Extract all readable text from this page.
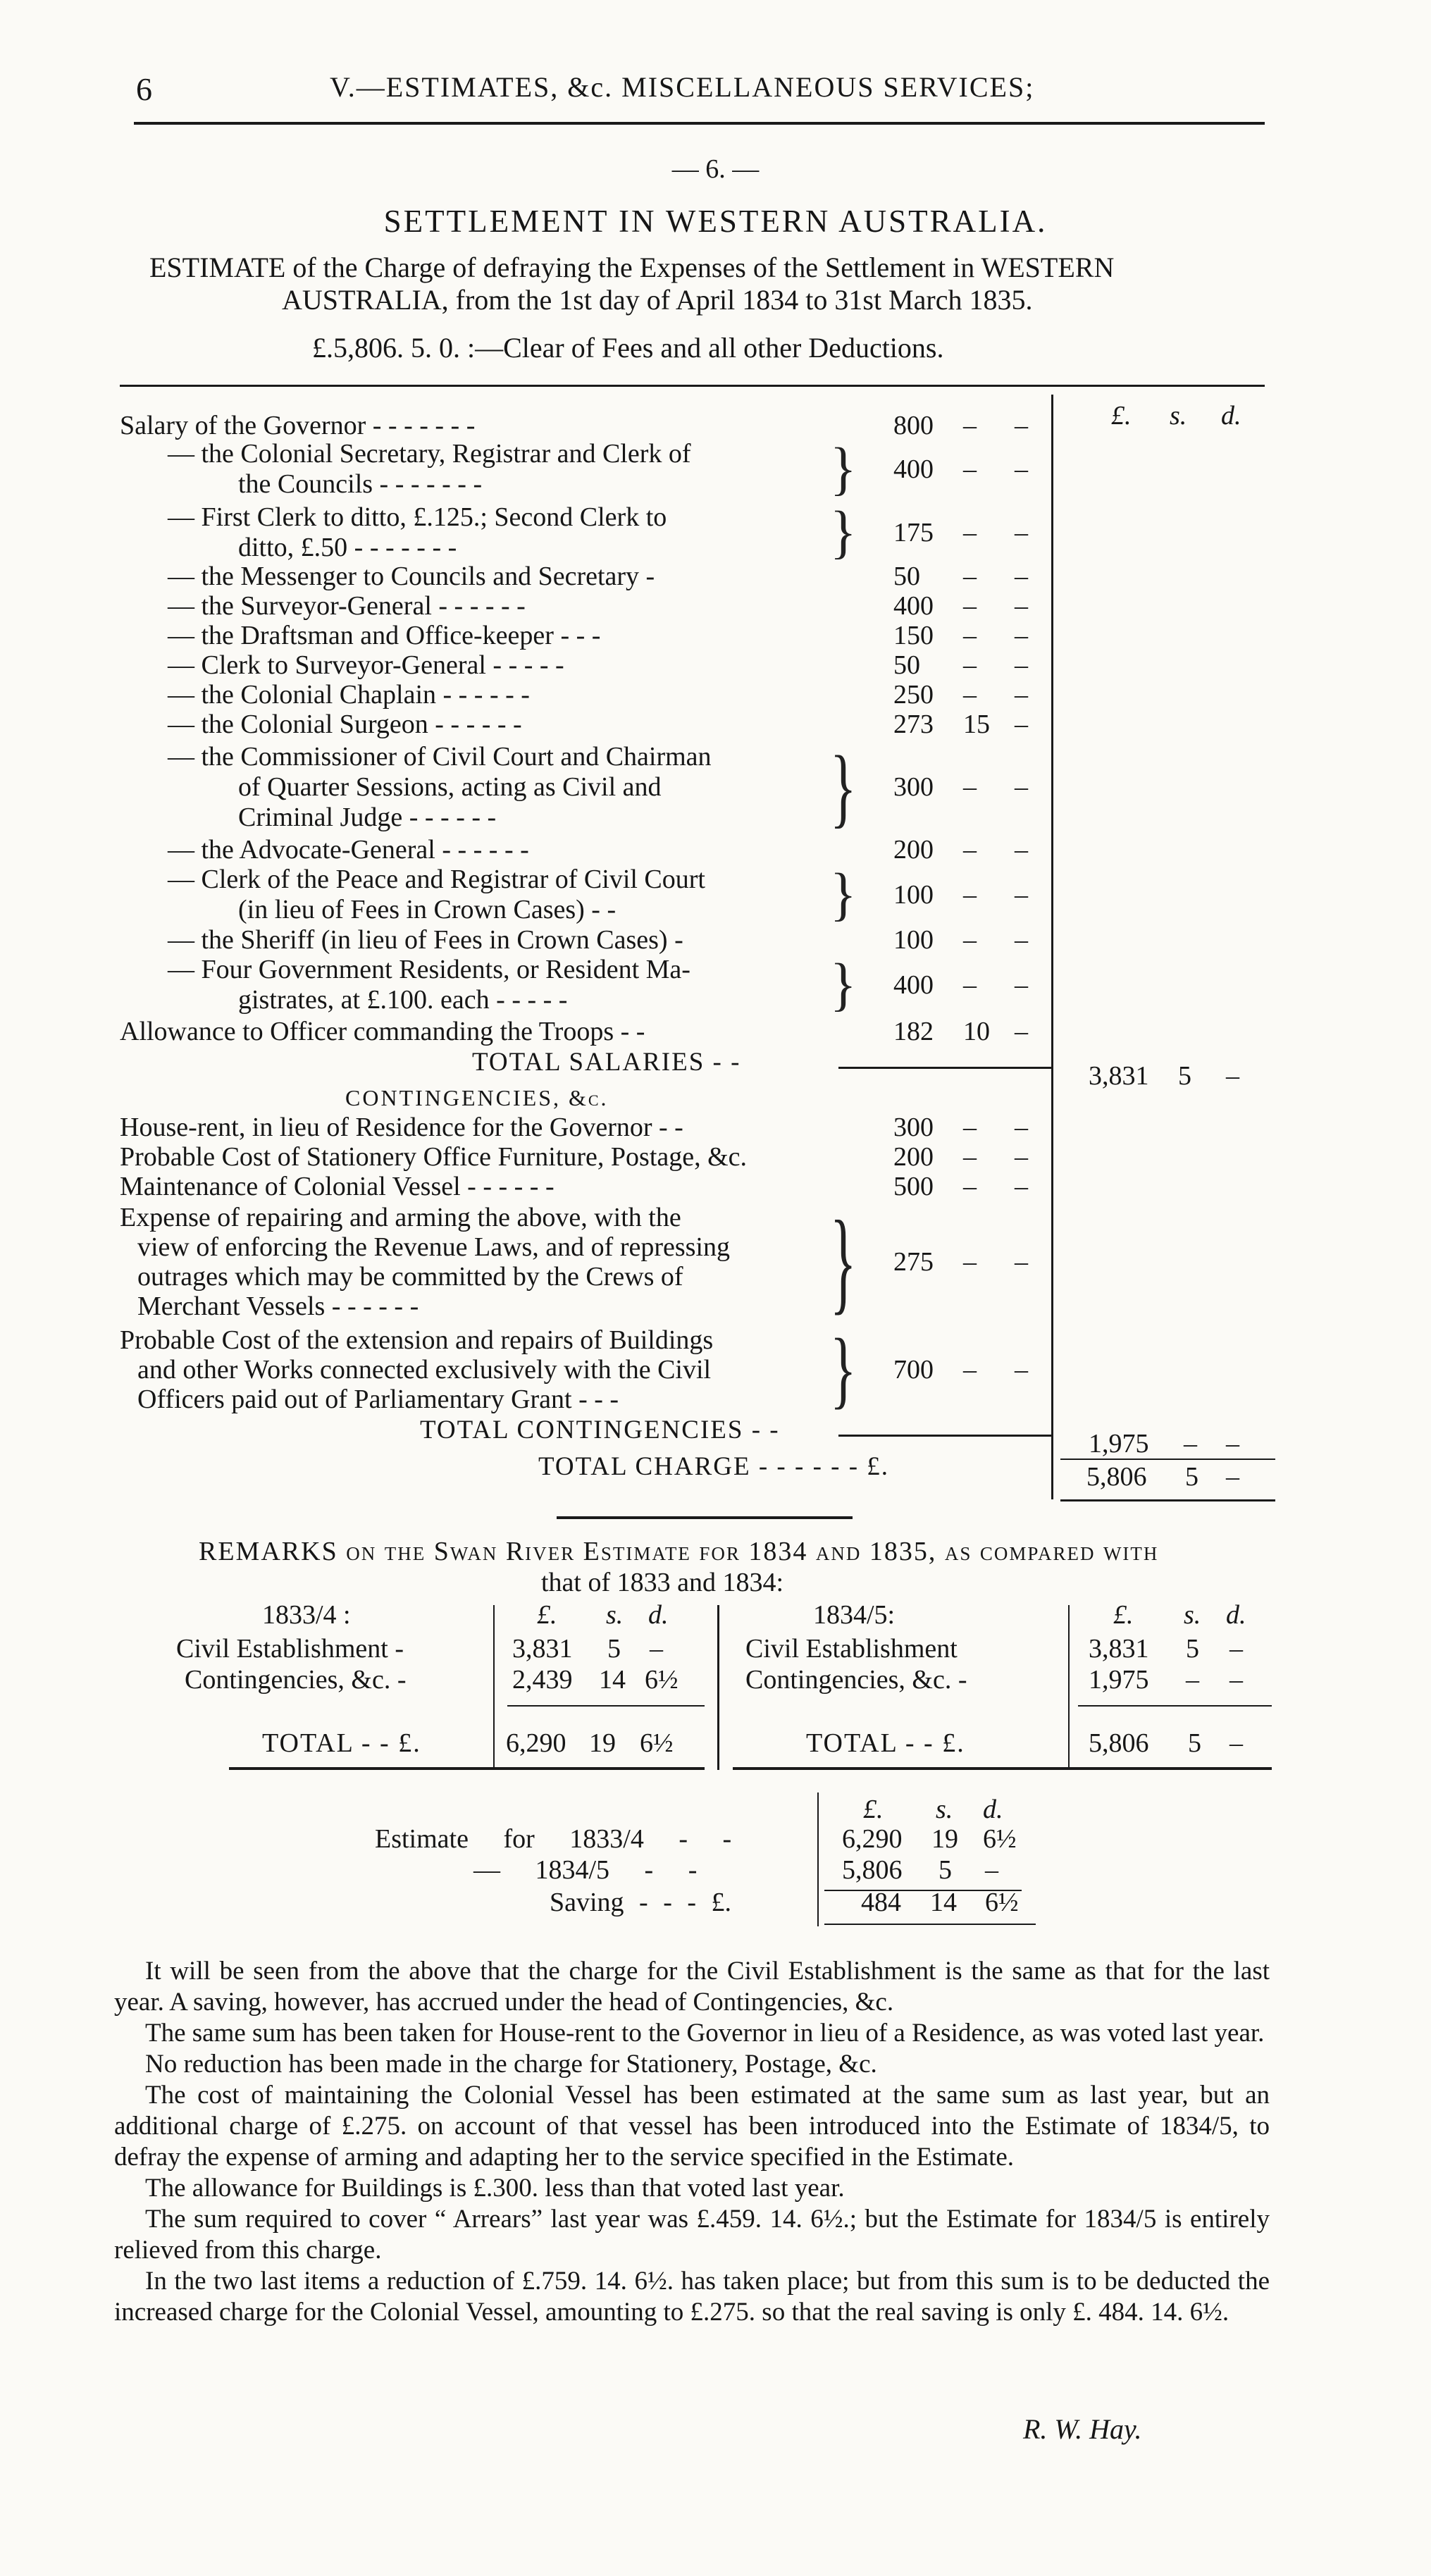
6	V.—ESTIMATES, &c. MISCELLANEOUS SERVICES;
— 6. —
SETTLEMENT IN WESTERN AUSTRALIA.
ESTIMATE of the Charge of defraying the Expenses of the Settlement in WESTERN
AUSTRALIA, from the 1st day of April 1834 to 31st March 1835.
£.5,806. 5. 0. :—Clear of Fees and all other Deductions.
£. s. d.
Salary of the Governor - - - - - - -	800 – –
— the Colonial Secretary, Registrar and Clerk of
the Councils - - - - - - -	} 400 – –
— First Clerk to ditto, £.125.; Second Clerk to
ditto, £.50 - - - - - - -	} 175 – –
— the Messenger to Councils and Secretary -	50 – –
— the Surveyor-General - - - - - -	400 – –
— the Draftsman and Office-keeper - - -	150 – –
— Clerk to Surveyor-General - - - - -	50 – –
— the Colonial Chaplain - - - - - -	250 – –
— the Colonial Surgeon - - - - - -	273 15 –
— the Commissioner of Civil Court and Chairman
of Quarter Sessions, acting as Civil and
Criminal Judge - - - - - -	} 300 – –
— the Advocate-General - - - - - -	200 – –
— Clerk of the Peace and Registrar of Civil Court
(in lieu of Fees in Crown Cases) - -	} 100 – –
— the Sheriff (in lieu of Fees in Crown Cases) -	100 – –
— Four Government Residents, or Resident Ma-
gistrates, at £.100. each - - - - -	} 400 – –
Allowance to Officer commanding the Troops - -	182 10 –
TOTAL SALARIES - -	3,831 5 –
CONTINGENCIES, &c.
House-rent, in lieu of Residence for the Governor - -	300 – –
Probable Cost of Stationery Office Furniture, Postage, &c.	200 – –
Maintenance of Colonial Vessel - - - - - -	500 – –
Expense of repairing and arming the above, with the
view of enforcing the Revenue Laws, and of repressing
outrages which may be committed by the Crews of
Merchant Vessels - - - - - -	} 275 – –
Probable Cost of the extension and repairs of Buildings
and other Works connected exclusively with the Civil
Officers paid out of Parliamentary Grant - - -	} 700 – –
TOTAL CONTINGENCIES - -	1,975 – –
TOTAL CHARGE - - - - - - £.	5,806 5 –
REMARKS on the Swan River Estimate for 1834 and 1835, as compared with
that of 1833 and 1834:
1833/4 :	£. s. d.
Civil Establishment -	3,831 5 –
Contingencies, &c. -	2,439 14 6½
TOTAL - - £.	6,290 19 6½
1834/5:	£. s. d.
Civil Establishment	3,831 5 –
Contingencies, &c. -	1,975 – –
TOTAL - - £.	5,806 5 –
£. s. d.
Estimate for 1833/4 - -	6,290 19 6½
— 1834/5 - -	5,806 5 –
Saving - - - £.	484 14 6½

It will be seen from the above that the charge for the Civil Establishment is the same as that for the last year. A saving, however, has accrued under the head of Contingencies, &c.

The same sum has been taken for House-rent to the Governor in lieu of a Residence, as was voted last year.

No reduction has been made in the charge for Stationery, Postage, &c.

The cost of maintaining the Colonial Vessel has been estimated at the same sum as last year, but an additional charge of £.275. on account of that vessel has been introduced into the Estimate of 1834/5, to defray the expense of arming and adapting her to the service specified in the Estimate.

The allowance for Buildings is £.300. less than that voted last year.

The sum required to cover “ Arrears” last year was £.459. 14. 6½.; but the Estimate for 1834/5 is entirely relieved from this charge.

In the two last items a reduction of £.759. 14. 6½. has taken place; but from this sum is to be deducted the increased charge for the Colonial Vessel, amounting to £.275. so that the real saving is only £. 484. 14. 6½.

R. W. Hay.
